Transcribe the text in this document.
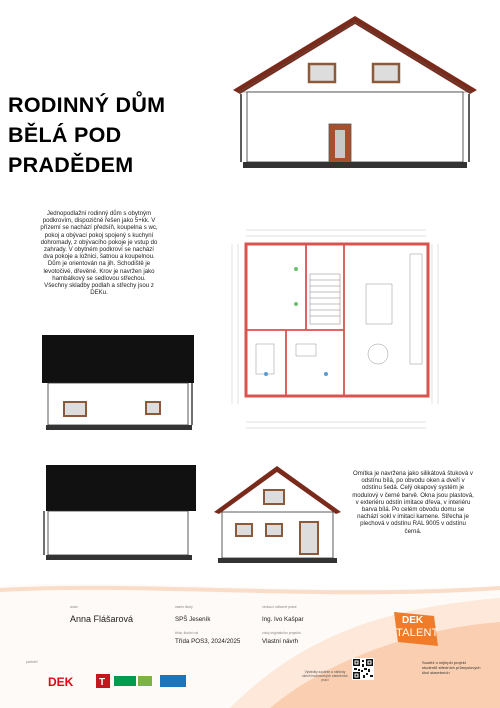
RODINNÝ DŮM
BĚLÁ POD
PRADĚDEM
Jednopodlažní rodinný dům s obytným podkrovím, dispozičně řešen jako 5+kk. V přízemí se nachází předsíň, koupelna s wc, pokoj a obývací pokoj spojený s kuchyní dohromady, z obývacího pokoje je vstup do zahrady. V obytném podkroví se nachází dva pokoje a ložnici, šatnou a koupelnou. Dům je orientován na jih. Schodiště je levotočivé, dřevěné. Krov je navržen jako hambálkový se sedlovou střechou. Všechny skladby podlah a střechy jsou z DEKu.
Omítka je navržena jako silikátová štuková v odstínu bílá, po obvodu oken a dveří v odstínu šedá. Celý okapový systém je modulový v černé barvě. Okna jsou plastová, v exteriéru odstín imitace dřeva, v interiéru barva bílá. Po celém obvodu domu se nachází sokl v imitaci kamene. Střecha je plechová v odstínu RAL 9005 v odstínu černá.
autor
Anna Flášarová
název školy
SPŠ Jeseník
třída, školní rok
Třída POS3, 2024/2025
vedoucí odborné práce
Ing. Ivo Kašpar
zdroj originálního projektu
Vlastní návrh
DEK
TALENT
Soutěž o nejlepší projekt studentů středních průmyslových škol stavebních
partneři
DEK	T
Výsledky soutěže a náhledy všech hodnocených stavebních prací
